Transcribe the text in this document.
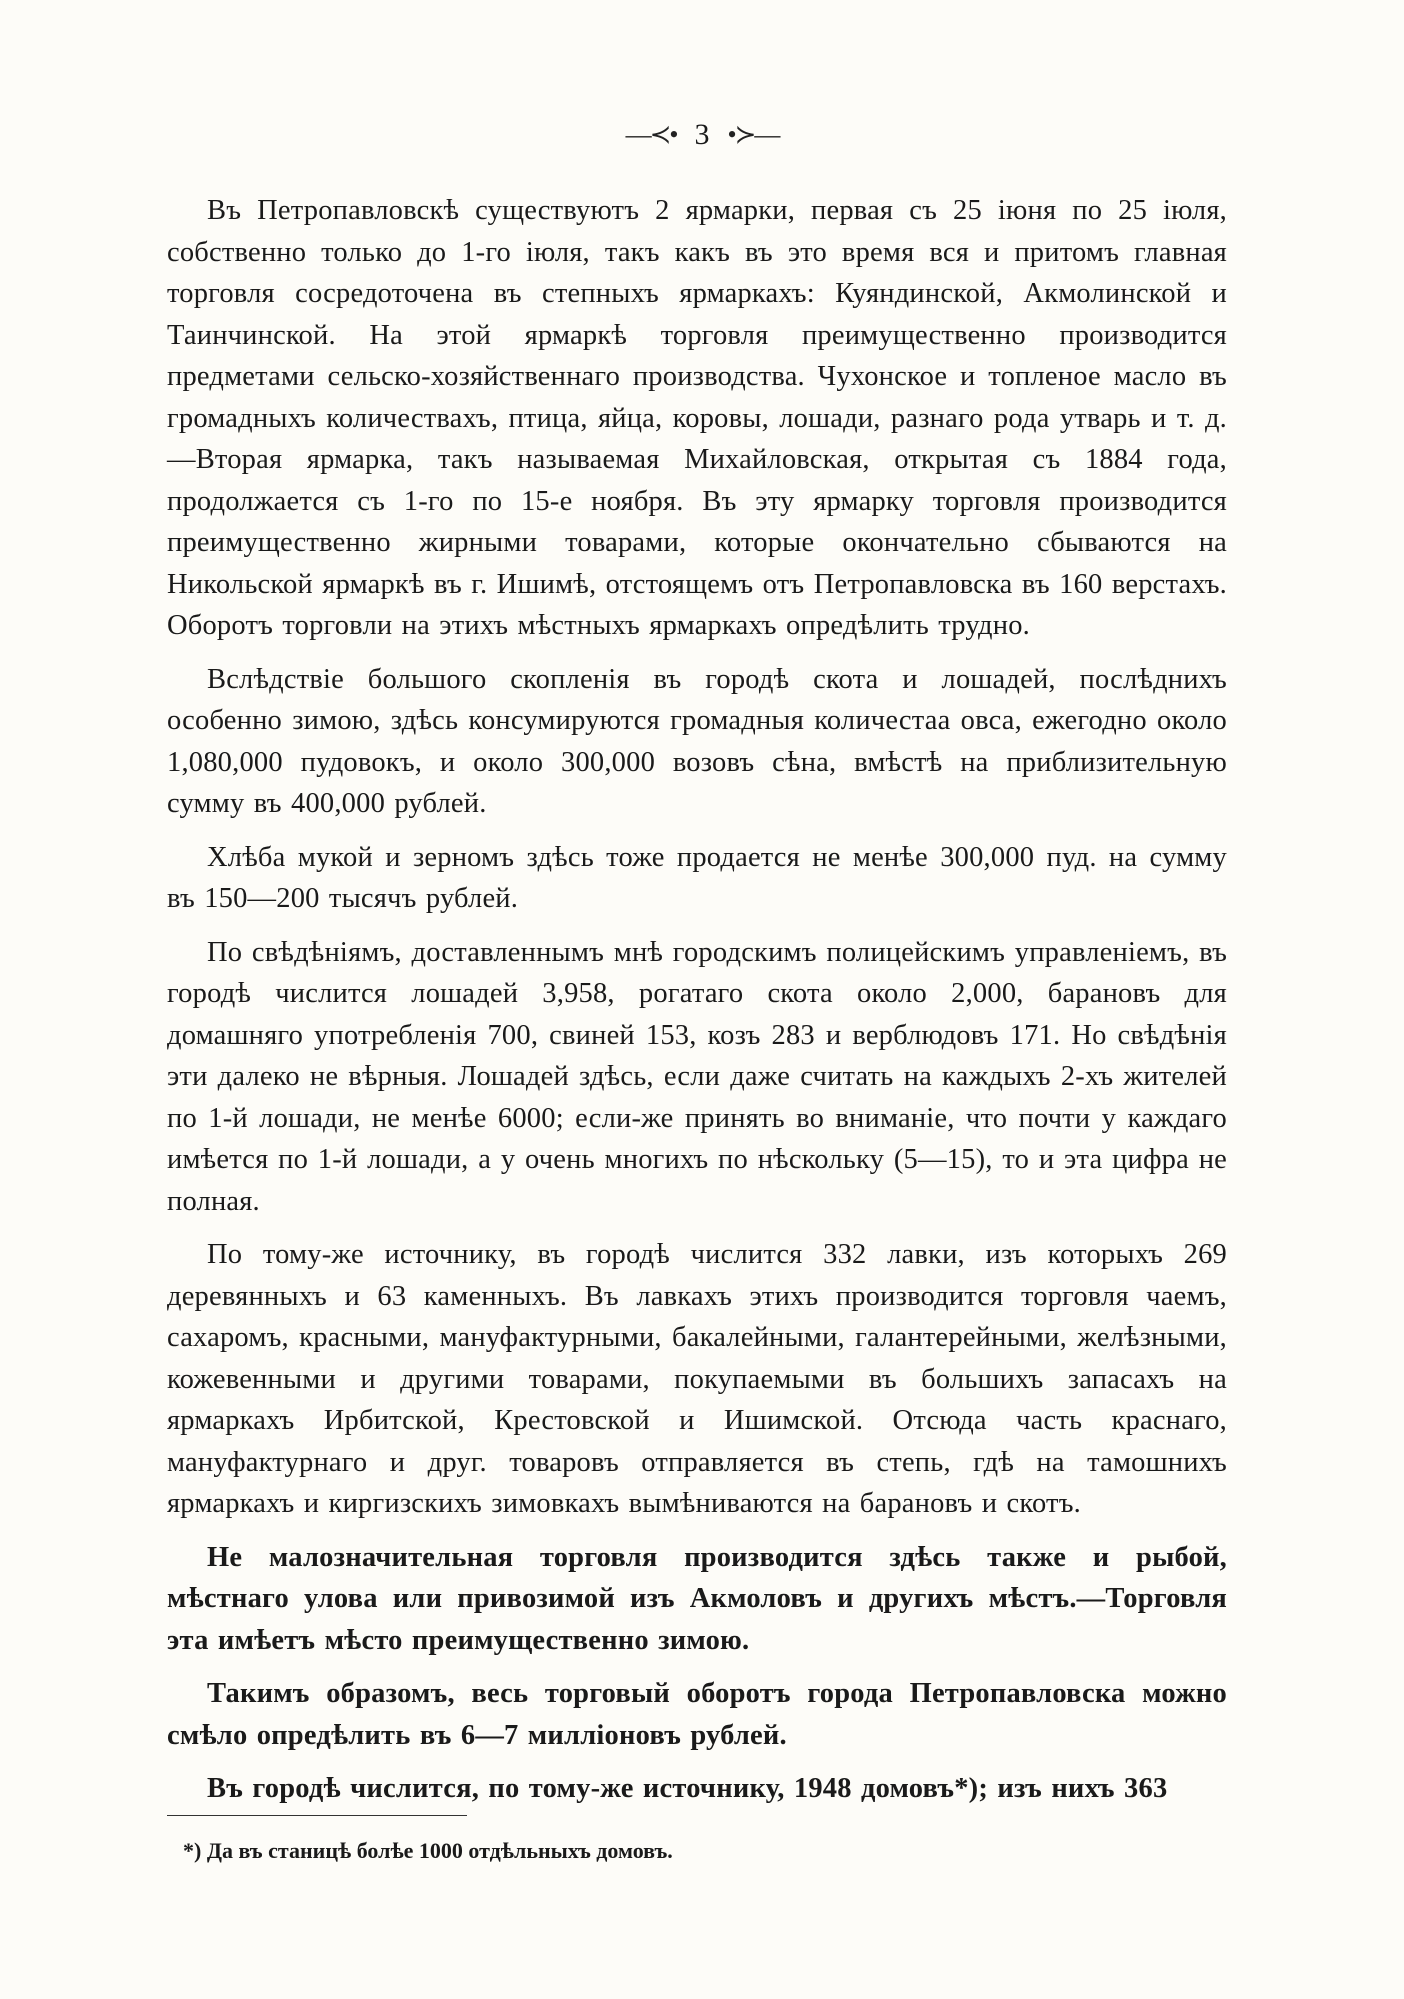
—≺• 3 •≻—

Въ Петропавловскѣ существуютъ 2 ярмарки, первая съ 25 іюня по 25 іюля, собственно только до 1-го іюля, такъ какъ въ это время вся и притомъ главная торговля сосредоточена въ степныхъ ярмаркахъ: Куяндинской, Акмолинской и Таинчинской. На этой ярмаркѣ торговля преимущественно производится предметами сельско-хозяйственнаго производства. Чухонское и топленое масло въ громадныхъ количествахъ, птица, яйца, коровы, лошади, разнаго рода утварь и т. д.—Вторая ярмарка, такъ называемая Михайловская, открытая съ 1884 года, продолжается съ 1-го по 15-е ноября. Въ эту ярмарку торговля производится преимущественно жирными товарами, которые окончательно сбываются на Никольской ярмаркѣ въ г. Ишимѣ, отстоящемъ отъ Петропавловска въ 160 верстахъ. Оборотъ торговли на этихъ мѣстныхъ ярмаркахъ опредѣлить трудно.

Вслѣдствіе большого скопленія въ городѣ скота и лошадей, послѣднихъ особенно зимою, здѣсь консумируются громадныя количестаа овса, ежегодно около 1,080,000 пудовокъ, и около 300,000 возовъ сѣна, вмѣстѣ на приблизительную сумму въ 400,000 рублей.

Хлѣба мукой и зерномъ здѣсь тоже продается не менѣе 300,000 пуд. на сумму въ 150—200 тысячъ рублей.

По свѣдѣніямъ, доставленнымъ мнѣ городскимъ полицейскимъ управленіемъ, въ городѣ числится лошадей 3,958, рогатаго скота около 2,000, барановъ для домашняго употребленія 700, свиней 153, козъ 283 и верблюдовъ 171. Но свѣдѣнія эти далеко не вѣрныя. Лошадей здѣсь, если даже считать на каждыхъ 2-хъ жителей по 1-й лошади, не менѣе 6000; если-же принять во вниманіе, что почти у каждаго имѣется по 1-й лошади, а у очень многихъ по нѣскольку (5—15), то и эта цифра не полная.

По тому-же источнику, въ городѣ числится 332 лавки, изъ которыхъ 269 деревянныхъ и 63 каменныхъ. Въ лавкахъ этихъ производится торговля чаемъ, сахаромъ, красными, мануфактурными, бакалейными, галантерейными, желѣзными, кожевенными и другими товарами, покупаемыми въ большихъ запасахъ на ярмаркахъ Ирбитской, Крестовской и Ишимской. Отсюда часть краснаго, мануфактурнаго и друг. товаровъ отправляется въ степь, гдѣ на тамошнихъ ярмаркахъ и киргизскихъ зимовкахъ вымѣниваются на барановъ и скотъ.

Не малозначительная торговля производится здѣсь также и рыбой, мѣстнаго улова или привозимой изъ Акмоловъ и другихъ мѣстъ.—Торговля эта имѣетъ мѣсто преимущественно зимою.

Такимъ образомъ, весь торговый оборотъ города Петропавловска можно смѣло опредѣлить въ 6—7 милліоновъ рублей.

Въ городѣ числится, по тому-же источнику, 1948 домовъ*); изъ нихъ 363

*) Да въ станицѣ болѣе 1000 отдѣльныхъ домовъ.
